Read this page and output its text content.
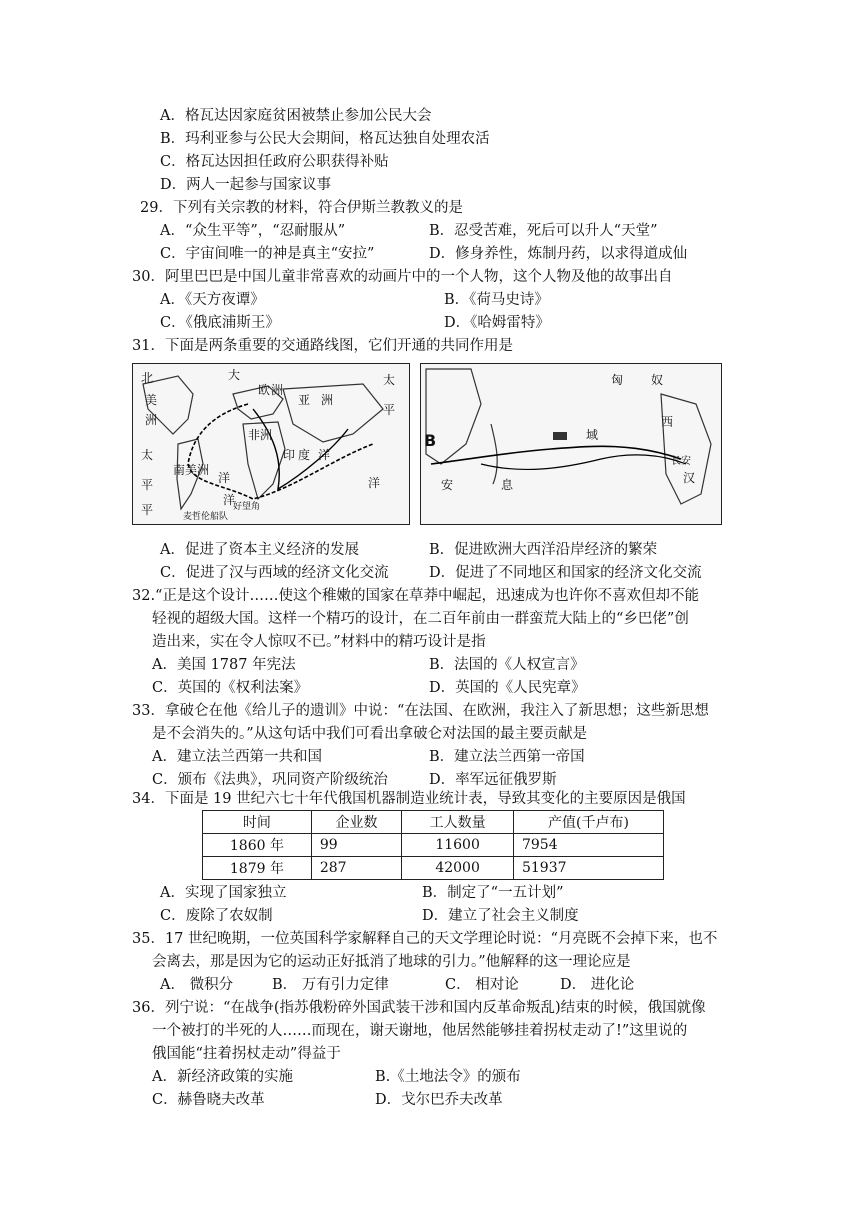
A．格瓦达因家庭贫困被禁止参加公民大会
B．玛利亚参与公民大会期间，格瓦达独自处理农活
C．格瓦达因担任政府公职获得补贴
D．两人一起参与国家议事
29．下列有关宗教的材料，符合伊斯兰教教义的是
A．“众生平等”，“忍耐服从”	B．忍受苦难，死后可以升人“天堂”
C．宇宙间唯一的神是真主“安拉”	D．修身养性，炼制丹药，以求得道成仙
30．阿里巴巴是中国儿童非常喜欢的动画片中的一个人物，这个人物及他的故事出自
A．《天方夜谭》	B．《荷马史诗》
C．《俄底浦斯王》	D．《哈姆雷特》
31．下面是两条重要的交通路线图，它们开通的共同作用是
北	大
欧 洲
亚 洲
太
美
非洲
平
洲
印 度 洋
太
南美洲
平	洋	洋
平
洋
好望角
麦哲伦船队
匈 奴
西
域
安	息	汉
长安
B
A．促进了资本主义经济的发展	B．促进欧洲大西洋沿岸经济的繁荣
C．促进了汉与西域的经济文化交流	D．促进了不同地区和国家的经济文化交流
32.“正是这个设计……使这个稚嫩的国家在草莽中崛起，迅速成为也许你不喜欢但却不能
轻视的超级大国。这样一个精巧的设计，在二百年前由一群蛮荒大陆上的“乡巴佬”创
造出来，实在令人惊叹不已。”材料中的精巧设计是指
A．美国 1787 年宪法	B．法国的《人权宣言》
C．英国的《权利法案》	D．英国的《人民宪章》
33．拿破仑在他《给儿子的遗训》中说：“在法国、在欧洲，我注入了新思想；这些新思想
是不会消失的。”从这句话中我们可看出拿破仑对法国的最主要贡献是
A．建立法兰西第一共和国	B．建立法兰西第一帝国
C．颁布《法典》，巩同资产阶级统治	D．率军远征俄罗斯
34．下面是 19 世纪六七十年代俄国机器制造业统计表，导致其变化的主要原因是俄国
时间	企业数	工人数量	产值(千卢布)
1860 年	99	11600	7954
1879 年	287	42000	51937
A．实现了国家独立	B．制定了“一五计划”
C．废除了农奴制	D．建立了社会主义制度
35．17 世纪晚期，一位英国科学家解释自己的天文学理论时说：“月亮既不会掉下来，也不
会离去，那是因为它的运动正好抵消了地球的引力。”他解释的这一理论应是
A． 微积分	B． 万有引力定律	C． 相对论	D． 进化论
36．列宁说：“在战争(指苏俄粉碎外国武装干涉和国内反革命叛乱)结束的时候，俄国就像
一个被打的半死的人……而现在，谢天谢地，他居然能够挂着拐杖走动了!”这里说的
俄国能“拄着拐杖走动”得益于
A．新经济政策的实施	B.《土地法令》的颁布
C．赫鲁晓夫改革	D．戈尔巴乔夫改革
